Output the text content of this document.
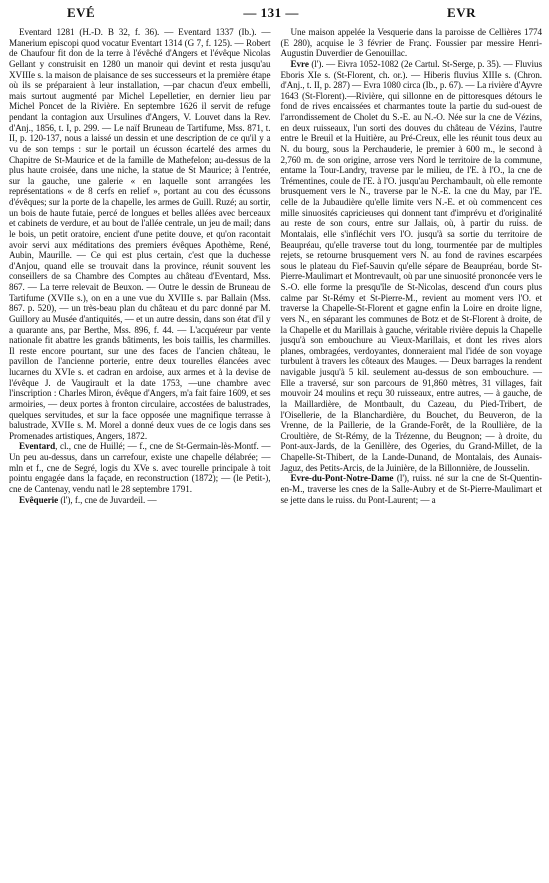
EVÉ	— 131 —	EVR

Eventard 1281 (H.-D. B 32, f. 36). — Eventard 1337 (Ib.). — Manerium episcopi quod vocatur Eventart 1314 (G 7, f. 125). — Robert de Chaufour fit don de la terre à l'évêché d'Angers et l'évêque Nicolas Gellant y construisit en 1280 un manoir qui devint et resta jusqu'au XVIIIe s. la maison de plaisance de ses successeurs et la première étape où ils se préparaient à leur installation, —par chacun d'eux embelli, mais surtout augmenté par Michel Lepelletier, en dernier lieu par Michel Poncet de la Rivière. En septembre 1626 il servit de refuge pendant la contagion aux Ursulines d'Angers, V. Louvet dans la Rev. d'Anj., 1856, t. I, p. 299. — Le naïf Bruneau de Tartifume, Mss. 871, t. II, p. 120-137, nous a laissé un dessin et une description de ce qu'il y a vu de son temps : sur le portail un écusson écartelé des armes du Chapitre de St-Maurice et de la famille de Mathefelon; au-dessus de la plus haute croisée, dans une niche, la statue de St Maurice; à l'entrée, sur la gauche, une galerie « en laquelle sont arrangées les représentations « de 8 cerfs en relief », portant au cou des écussons d'évêques; sur la porte de la chapelle, les armes de Guill. Ruzé; au sortir, un bois de haute futaie, percé de longues et belles allées avec berceaux et cabinets de verdure, et au bout de l'allée centrale, un jeu de mail; dans le bois, un petit oratoire, encient d'une petite douve, et qu'on racontait avoir servi aux méditations des premiers évêques Apothème, René, Aubin, Maurille. — Ce qui est plus certain, c'est que la duchesse d'Anjou, quand elle se trouvait dans la province, réunit souvent les conseillers de sa Chambre des Comptes au château d'Eventard, Mss. 867. — La terre relevait de Beuxon. — Outre le dessin de Bruneau de Tartifume (XVIIe s.), on en a une vue du XVIIIe s. par Ballain (Mss. 867. p. 520), — un très-beau plan du château et du parc donné par M. Guillory au Musée d'antiquités, — et un autre dessin, dans son état d'il y a quarante ans, par Berthe, Mss. 896, f. 44. — L'acquéreur par vente nationale fit abattre les grands bâtiments, les bois taillis, les charmilles. Il reste encore pourtant, sur une des faces de l'ancien château, le pavillon de l'ancienne porterie, entre deux tourelles élancées avec lucarnes du XVIe s. et cadran en ardoise, aux armes et à la devise de l'évêque J. de Vaugirault et la date 1753, —une chambre avec l'inscription : Charles Miron, évêque d'Angers, m'a fait faire 1609, et ses armoiries, — deux portes à fronton circulaire, accostées de balustrades, quelques servitudes, et sur la face opposée une magnifique terrasse à balustrade, XVIIe s. M. Morel a donné deux vues de ce logis dans ses Promenades artistiques, Angers, 1872.

Eventard, cl., cne de Huillé; — f., cne de St-Germain-lès-Montf. — Un peu au-dessus, dans un carrefour, existe une chapelle délabrée; — mln et f., cne de Segré, logis du XVe s. avec tourelle principale à toit pointu engagée dans la façade, en reconstruction (1872); — (le Petit-), cne de Cantenay, vendu natl le 28 septembre 1791.

Evêquerie (l'), f., cne de Juvardeil. —

Une maison appelée la Vesquerie dans la paroisse de Cellières 1774 (E 280), acquise le 3 février de Franç. Foussier par messire Henri-Augustin Duverdier de Genouillac.

Evre (l'). — Eivra 1052-1082 (2e Cartul. St-Serge, p. 35). — Fluvius Eboris XIe s. (St-Florent, ch. or.). — Hiberis fluvius XIIIe s. (Chron. d'Anj., t. II, p. 287) — Evra 1080 circa (Ib., p. 67). — La rivière d'Ayvre 1643 (St-Florent).—Rivière, qui sillonne en de pittoresques détours le fond de rives encaissées et charmantes toute la partie du sud-ouest de l'arrondissement de Cholet du S.-E. au N.-O. Née sur la cne de Vézins, en deux ruisseaux, l'un sorti des douves du château de Vézins, l'autre entre le Breuil et la Huitière, au Pré-Creux, elle les réunit tous deux au N. du bourg, sous la Perchauderie, le premier à 600 m., le second à 2,760 m. de son origine, arrose vers Nord le territoire de la commune, entame la Tour-Landry, traverse par le milieu, de l'E. à l'O., la cne de Trémentines, coule de l'E. à l'O. jusqu'au Perchambault, où elle remonte brusquement vers le N., traverse par le N.-E. la cne du May, par l'E. celle de la Jubaudière qu'elle limite vers N.-E. et où commencent ces mille sinuosités capricieuses qui donnent tant d'imprévu et d'originalité au reste de son cours, entre sur Jallais, où, à partir du ruiss. de Montalais, elle s'infléchit vers l'O. jusqu'à sa sortie du territoire de Beaupréau, qu'elle traverse tout du long, tourmentée par de multiples rejets, se retourne brusquement vers N. au fond de ravines escarpées sous le plateau du Fief-Sauvin qu'elle sépare de Beaupréau, borde St-Pierre-Maulimart et Montrevault, où par une sinuosité prononcée vers le S.-O. elle forme la presqu'île de St-Nicolas, descend d'un cours plus calme par St-Rémy et St-Pierre-M., revient au moment vers l'O. et traverse la Chapelle-St-Florent et gagne enfin la Loire en droite ligne, vers N., en séparant les communes de Botz et de St-Florent à droite, de la Chapelle et du Marillais à gauche, véritable rivière depuis la Chapelle jusqu'à son embouchure au Vieux-Marillais, et dont les rives alors planes, ombragées, verdoyantes, donneraient mal l'idée de son voyage turbulent à travers les côteaux des Mauges. — Deux barrages la rendent navigable jusqu'à 5 kil. seulement au-dessus de son embouchure. — Elle a traversé, sur son parcours de 91,860 mètres, 31 villages, fait mouvoir 24 moulins et reçu 30 ruisseaux, entre autres, — à gauche, de la Maillardière, de Montbault, du Cazeau, du Pied-Tribert, de l'Oisellerie, de la Blanchardière, du Bouchet, du Beuveron, de la Vrenne, de la Paillerie, de la Grande-Forêt, de la Roullière, de la Croultière, de St-Rémy, de la Trézenne, du Beugnon; — à droite, du Pont-aux-Jards, de la Genillère, des Ogeries, du Grand-Millet, de la Chapelle-St-Thibert, de la Lande-Dunand, de Montalais, des Aunais-Jaguz, des Petits-Arcis, de la Juinière, de la Billonnière, de Jousselin.

Evre-du-Pont-Notre-Dame (l'), ruiss. né sur la cne de St-Quentin-en-M., traverse les cnes de la Salle-Aubry et de St-Pierre-Maulimart et se jette dans le ruiss. du Pont-Laurent; — a
